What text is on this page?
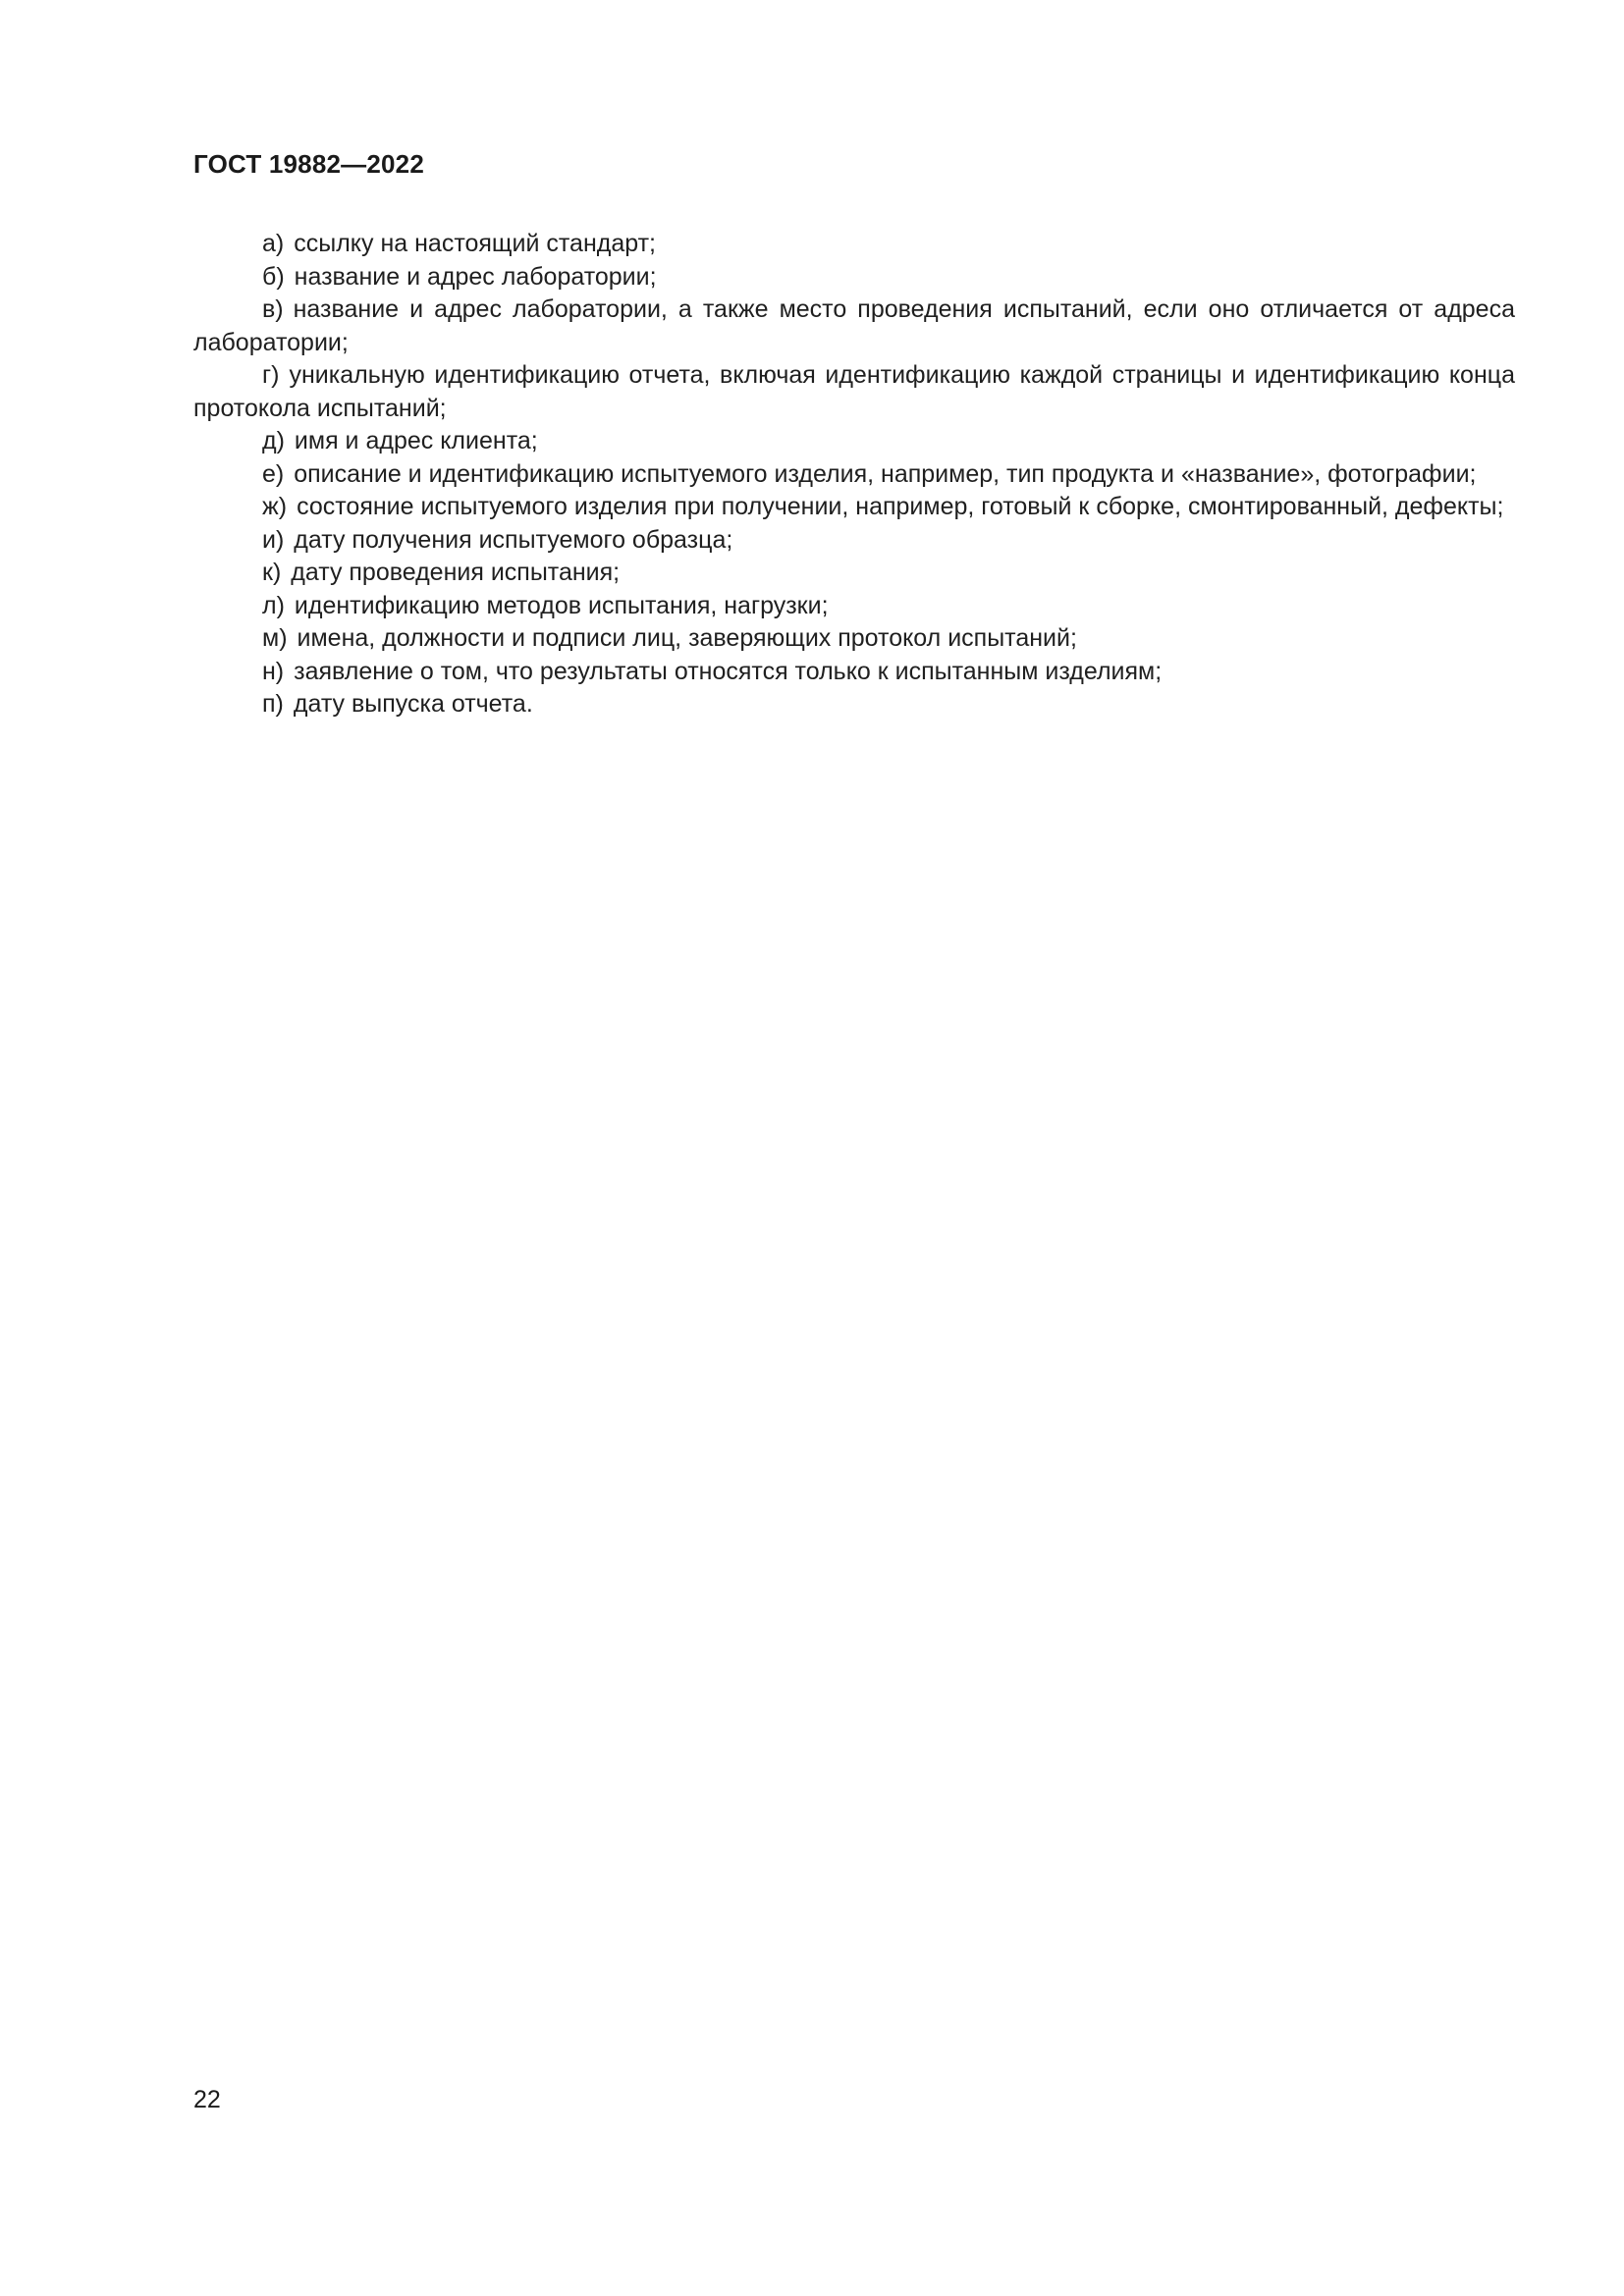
ГОСТ 19882—2022

а) ссылку на настоящий стандарт;

б) название и адрес лаборатории;

в) название и адрес лаборатории, а также место проведения испытаний, если оно отличается от адреса лаборатории;

г) уникальную идентификацию отчета, включая идентификацию каждой страницы и идентификацию конца протокола испытаний;

д) имя и адрес клиента;

е) описание и идентификацию испытуемого изделия, например, тип продукта и «название», фотографии;

ж) состояние испытуемого изделия при получении, например, готовый к сборке, смонтированный, дефекты;

и) дату получения испытуемого образца;

к) дату проведения испытания;

л) идентификацию методов испытания, нагрузки;

м) имена, должности и подписи лиц, заверяющих протокол испытаний;

н) заявление о том, что результаты относятся только к испытанным изделиям;

п) дату выпуска отчета.

22
